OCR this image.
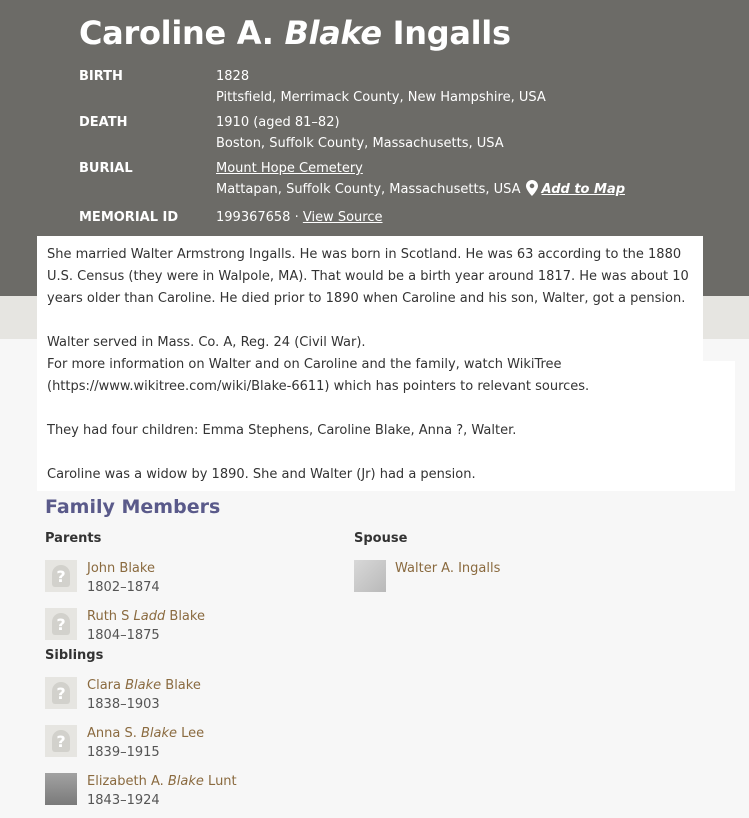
Caroline A. Blake Ingalls
BIRTH	1828
Pittsfield, Merrimack County, New Hampshire, USA
DEATH	1910 (aged 81–82)
Boston, Suffolk County, Massachusetts, USA
BURIAL	Mount Hope Cemetery
Mattapan, Suffolk County, Massachusetts, USA Add to Map
MEMORIAL ID	199367658 · View Source

She married Walter Armstrong Ingalls. He was born in Scotland. He was 63 according to the 1880 U.S. Census (they were in Walpole, MA). That would be a birth year around 1817. He was about 10 years older than Caroline. He died prior to 1890 when Caroline and his son, Walter, got a pension.

Walter served in Mass. Co. A, Reg. 24 (Civil War).

For more information on Walter and on Caroline and the family, watch WikiTree (https://www.wikitree.com/wiki/Blake-6611) which has pointers to relevant sources.

They had four children: Emma Stephens, Caroline Blake, Anna ?, Walter.

Caroline was a widow by 1890. She and Walter (Jr) had a pension.

Family Members
Parents	Spouse
Siblings
?	John Blake
1802–1874
?	Ruth S Ladd Blake
1804–1875
Walter A. Ingalls
?	Clara Blake Blake
1838–1903
?	Anna S. Blake Lee
1839–1915
Elizabeth A. Blake Lunt
1843–1924
